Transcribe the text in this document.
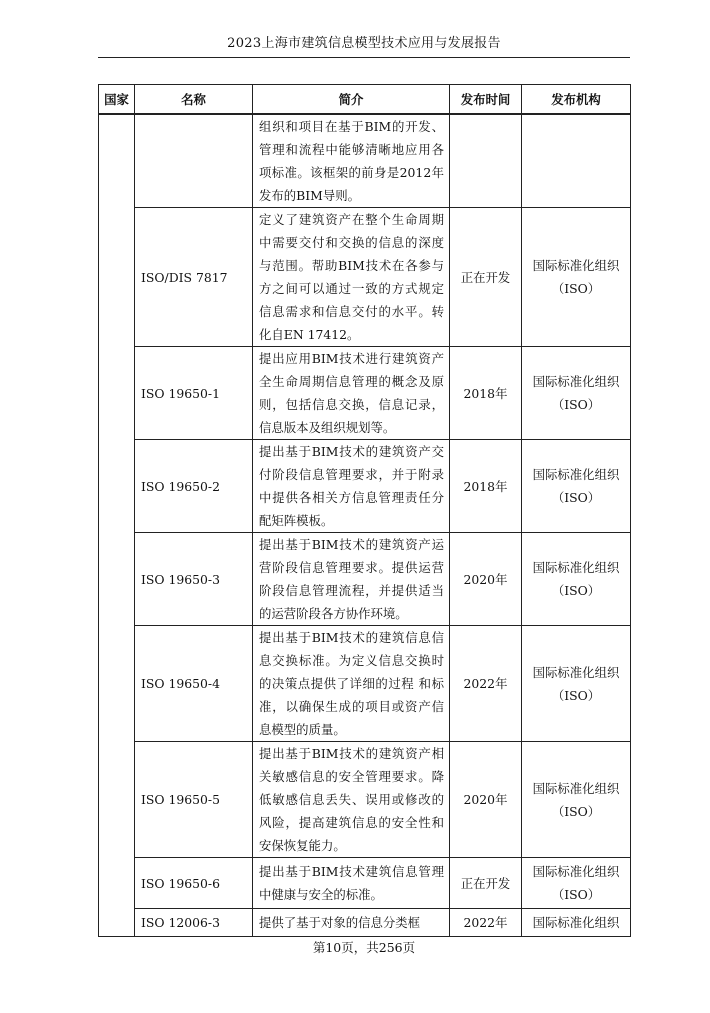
2023上海市建筑信息模型技术应用与发展报告
国家	名称	简介	发布时间	发布机构
		组织和项目在基于BIM的开发、管理和流程中能够清晰地应用各项标准。该框架的前身是2012年发布的BIM导则。		
	ISO/DIS 7817	定义了建筑资产在整个生命周期中需要交付和交换的信息的深度与范围。帮助BIM技术在各参与方之间可以通过一致的方式规定信息需求和信息交付的水平。转化自EN 17412。	正在开发	国际标准化组织（ISO）
	ISO 19650-1	提出应用BIM技术进行建筑资产全生命周期信息管理的概念及原则，包括信息交换，信息记录，信息版本及组织规划等。	2018年	国际标准化组织（ISO）
	ISO 19650-2	提出基于BIM技术的建筑资产交付阶段信息管理要求，并于附录中提供各相关方信息管理责任分配矩阵模板。	2018年	国际标准化组织（ISO）
	ISO 19650-3	提出基于BIM技术的建筑资产运营阶段信息管理要求。提供运营阶段信息管理流程，并提供适当的运营阶段各方协作环境。	2020年	国际标准化组织（ISO）
	ISO 19650-4	提出基于BIM技术的建筑信息信息交换标准。为定义信息交换时的决策点提供了详细的过程 和标准，以确保生成的项目或资产信息模型的质量。	2022年	国际标准化组织（ISO）
	ISO 19650-5	提出基于BIM技术的建筑资产相关敏感信息的安全管理要求。降低敏感信息丢失、误用或修改的风险，提高建筑信息的安全性和安保恢复能力。	2020年	国际标准化组织（ISO）
	ISO 19650-6	提出基于BIM技术建筑信息管理中健康与安全的标准。	正在开发	国际标准化组织（ISO）
	ISO 12006-3	提供了基于对象的信息分类框	2022年	国际标准化组织
第10页，共256页
